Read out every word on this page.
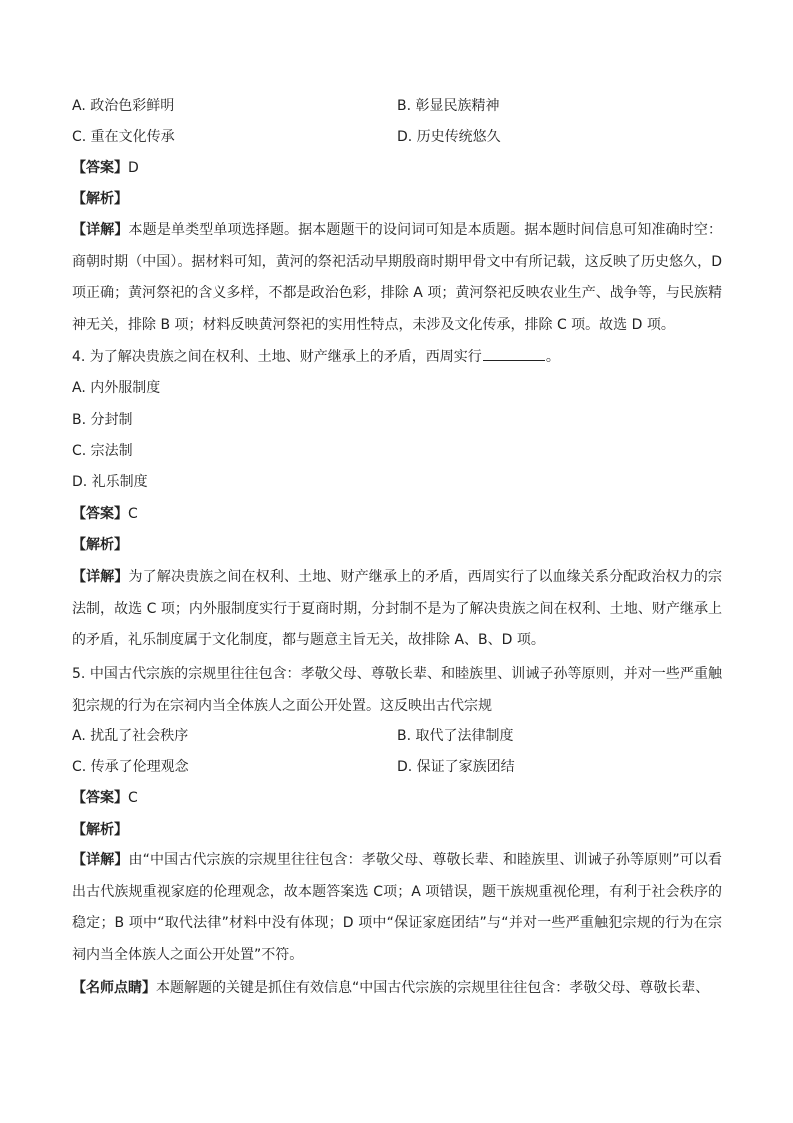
A. 政治色彩鲜明	B. 彰显民族精神
C. 重在文化传承	D. 历史传统悠久
【答案】D
【解析】
【详解】本题是单类型单项选择题。据本题题干的设问词可知是本质题。据本题时间信息可知准确时空：商朝时期（中国）。据材料可知，黄河的祭祀活动早期殷商时期甲骨文中有所记载，这反映了历史悠久，D项正确；黄河祭祀的含义多样，不都是政治色彩，排除 A 项；黄河祭祀反映农业生产、战争等，与民族精神无关，排除 B 项；材料反映黄河祭祀的实用性特点，未涉及文化传承，排除 C 项。故选 D 项。
4. 为了解决贵族之间在权利、土地、财产继承上的矛盾，西周实行	。
A. 内外服制度
B. 分封制
C. 宗法制
D. 礼乐制度
【答案】C
【解析】
【详解】为了解决贵族之间在权利、土地、财产继承上的矛盾，西周实行了以血缘关系分配政治权力的宗法制，故选 C 项；内外服制度实行于夏商时期，分封制不是为了解决贵族之间在权利、土地、财产继承上的矛盾，礼乐制度属于文化制度，都与题意主旨无关，故排除 A、B、D 项。
5. 中国古代宗族的宗规里往往包含：孝敬父母、尊敬长辈、和睦族里、训诫子孙等原则，并对一些严重触犯宗规的行为在宗祠内当全体族人之面公开处置。这反映出古代宗规
A. 扰乱了社会秩序	B. 取代了法律制度
C. 传承了伦理观念	D. 保证了家族团结
【答案】C
【解析】
【详解】由“中国古代宗族的宗规里往往包含：孝敬父母、尊敬长辈、和睦族里、训诫子孙等原则”可以看出古代族规重视家庭的伦理观念，故本题答案选 C项；A 项错误，题干族规重视伦理，有利于社会秩序的稳定；B 项中“取代法律”材料中没有体现；D 项中“保证家庭团结”与“并对一些严重触犯宗规的行为在宗祠内当全体族人之面公开处置”不符。
【名师点睛】本题解题的关键是抓住有效信息“中国古代宗族的宗规里往往包含：孝敬父母、尊敬长辈、
